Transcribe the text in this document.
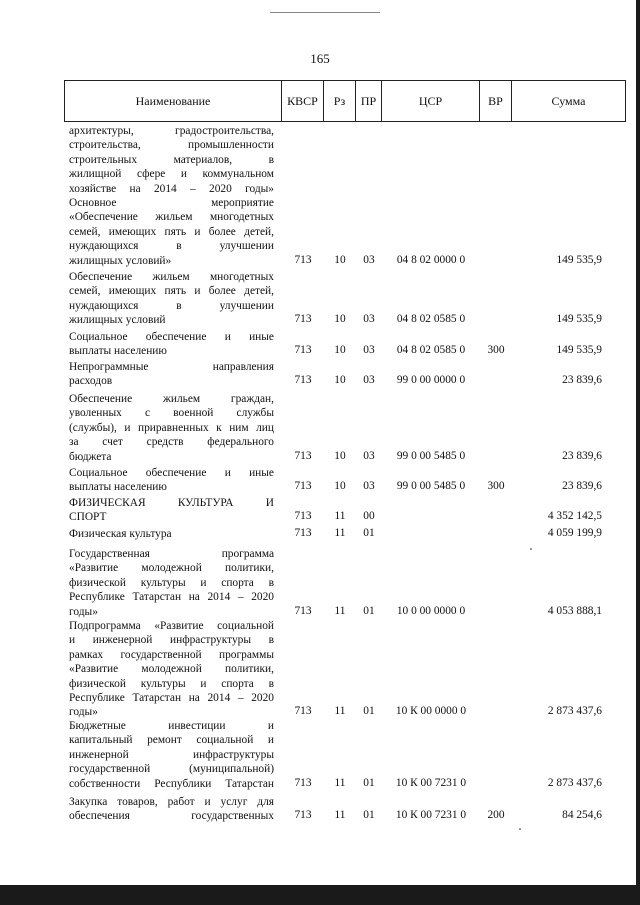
165
Наименование	КВСР	Рз	ПР	ЦСР	ВР	Сумма
архитектуры, градостроительства,
строительства, промышленности
строительных материалов, в
жилищной сфере и коммунальном
хозяйстве на 2014 – 2020 годы»
Основное мероприятие
«Обеспечение жильем многодетных
семей, имеющих пять и более детей,
нуждающихся в улучшении
жилищных условий»	713	10	03	04 8 02 0000 0	149 535,9
Обеспечение жильем многодетных
семей, имеющих пять и более детей,
нуждающихся в улучшении
жилищных условий	713	10	03	04 8 02 0585 0	149 535,9
Социальное обеспечение и иные
выплаты населению	713	10	03	04 8 02 0585 0	300	149 535,9
Непрограммные направления
расходов	713	10	03	99 0 00 0000 0	23 839,6
Обеспечение жильем граждан,
уволенных с военной службы
(службы), и приравненных к ним лиц
за счет средств федерального
бюджета	713	10	03	99 0 00 5485 0	23 839,6
Социальное обеспечение и иные
выплаты населению	713	10	03	99 0 00 5485 0	300	23 839,6
ФИЗИЧЕСКАЯ КУЛЬТУРА И
СПОРТ	713	11	00	4 352 142,5
Физическая культура	713	11	01	4 059 199,9
Государственная программа
«Развитие молодежной политики,
физической культуры и спорта в
Республике Татарстан на 2014 – 2020
годы»	713	11	01	10 0 00 0000 0	4 053 888,1
Подпрограмма «Развитие социальной
и инженерной инфраструктуры в
рамках государственной программы
«Развитие молодежной политики,
физической культуры и спорта в
Республике Татарстан на 2014 – 2020
годы»	713	11	01	10 К 00 0000 0	2 873 437,6
Бюджетные инвестиции и
капитальный ремонт социальной и
инженерной инфраструктуры
государственной (муниципальной)
собственности Республики Татарстан	713	11	01	10 К 00 7231 0	2 873 437,6
Закупка товаров, работ и услуг для
обеспечения государственных	713	11	01	10 К 00 7231 0	200	84 254,6
